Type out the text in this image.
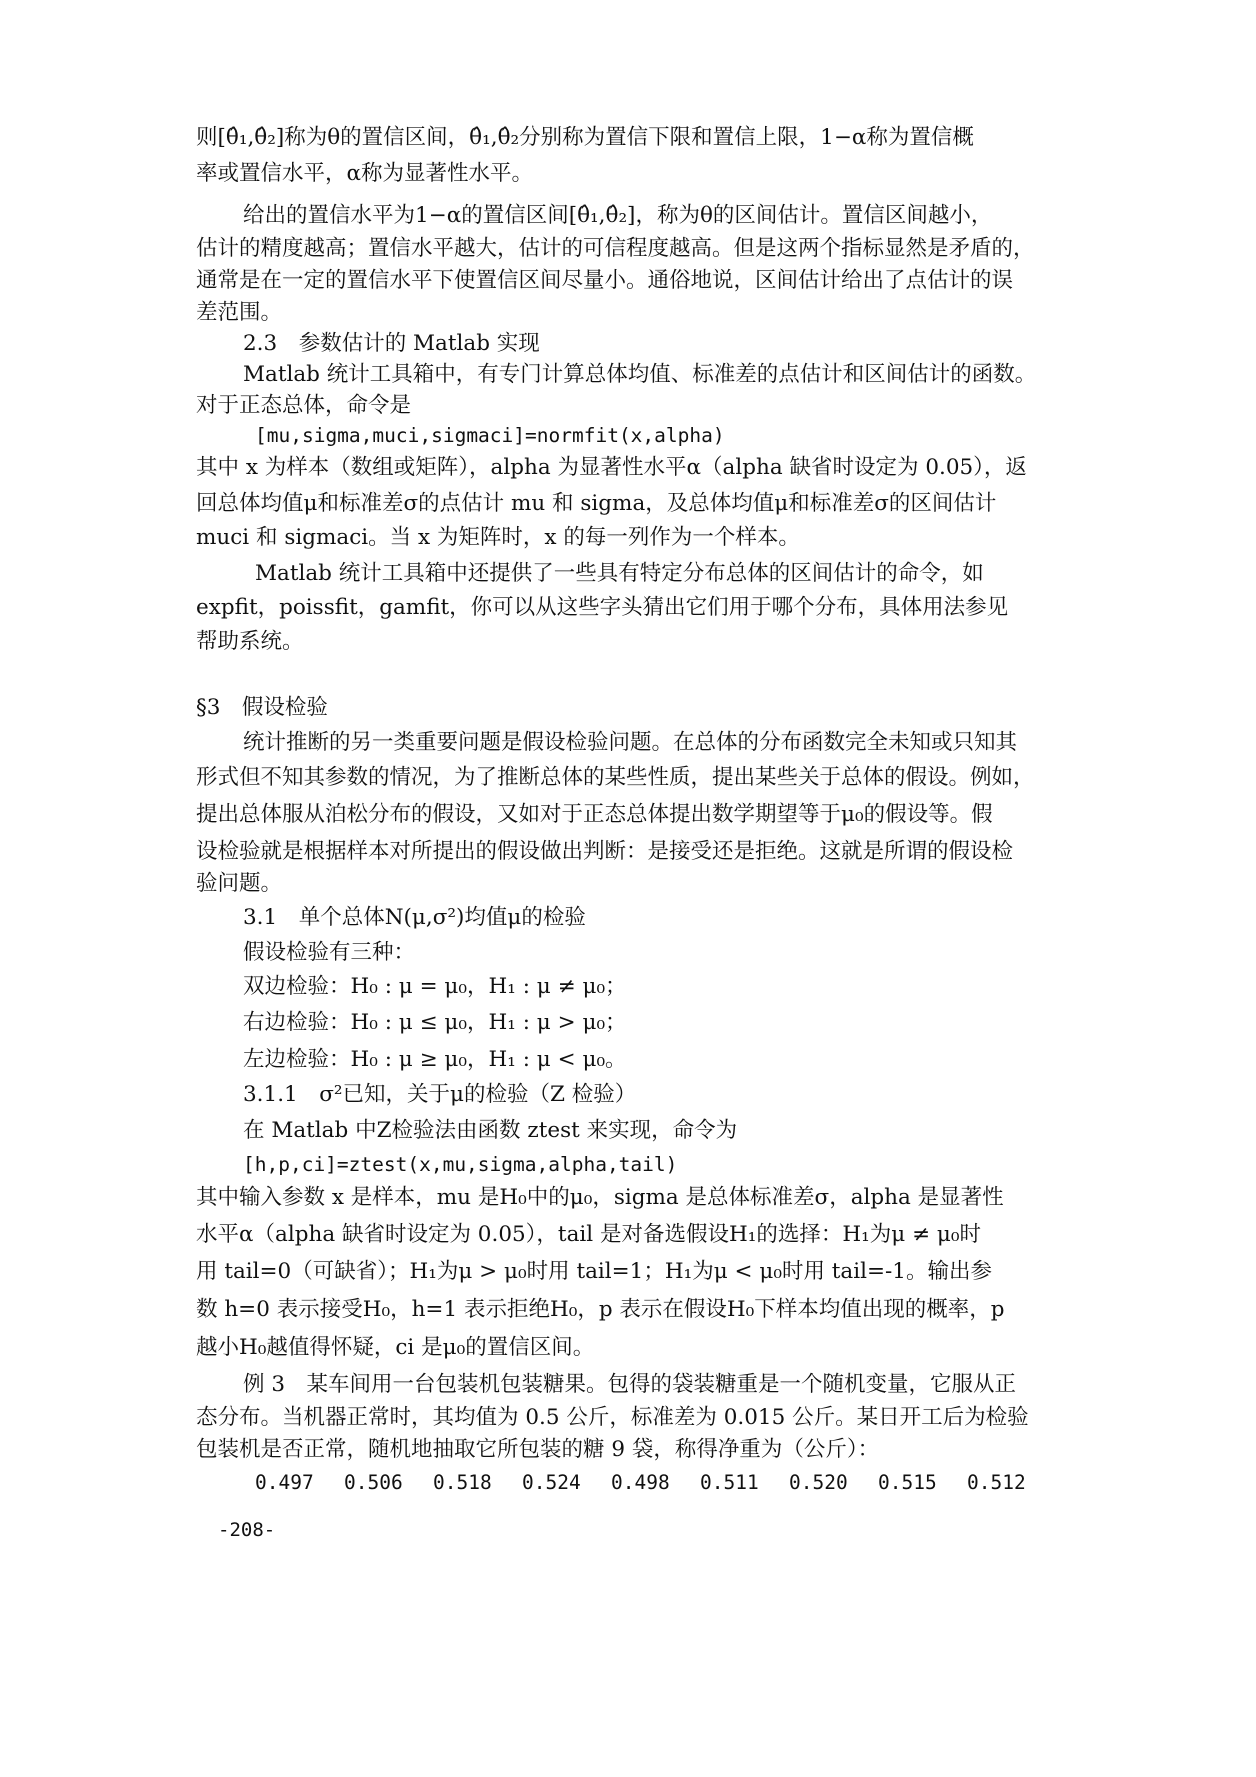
则[θ̂₁,θ̂₂]称为θ的置信区间，θ̂₁,θ̂₂分别称为置信下限和置信上限，1−α称为置信概

率或置信水平，α称为显著性水平。

给出的置信水平为1−α的置信区间[θ̂₁,θ̂₂]，称为θ的区间估计。置信区间越小，

估计的精度越高；置信水平越大，估计的可信程度越高。但是这两个指标显然是矛盾的，

通常是在一定的置信水平下使置信区间尽量小。通俗地说，区间估计给出了点估计的误

差范围。

2.3　参数估计的 Matlab 实现

Matlab 统计工具箱中，有专门计算总体均值、标准差的点估计和区间估计的函数。

对于正态总体，命令是

[mu,sigma,muci,sigmaci]=normfit(x,alpha)

其中 x 为样本（数组或矩阵），alpha 为显著性水平α（alpha 缺省时设定为 0.05），返

回总体均值μ和标准差σ的点估计 mu 和 sigma，及总体均值μ和标准差σ的区间估计

muci 和 sigmaci。当 x 为矩阵时，x 的每一列作为一个样本。

Matlab 统计工具箱中还提供了一些具有特定分布总体的区间估计的命令，如

expfit，poissfit，gamfit，你可以从这些字头猜出它们用于哪个分布，具体用法参见

帮助系统。

§3　假设检验

统计推断的另一类重要问题是假设检验问题。在总体的分布函数完全未知或只知其

形式但不知其参数的情况，为了推断总体的某些性质，提出某些关于总体的假设。例如，

提出总体服从泊松分布的假设，又如对于正态总体提出数学期望等于μ₀的假设等。假

设检验就是根据样本对所提出的假设做出判断：是接受还是拒绝。这就是所谓的假设检

验问题。

3.1　单个总体N(μ,σ²)均值μ的检验

假设检验有三种：

双边检验：H₀ : μ = μ₀，H₁ : μ ≠ μ₀；

右边检验：H₀ : μ ≤ μ₀，H₁ : μ > μ₀；

左边检验：H₀ : μ ≥ μ₀，H₁ : μ < μ₀。

3.1.1　σ²已知，关于μ的检验（Z 检验）

在 Matlab 中Z检验法由函数 ztest 来实现，命令为

[h,p,ci]=ztest(x,mu,sigma,alpha,tail)

其中输入参数 x 是样本，mu 是H₀中的μ₀，sigma 是总体标准差σ，alpha 是显著性

水平α（alpha 缺省时设定为 0.05），tail 是对备选假设H₁的选择：H₁为μ ≠ μ₀时

用 tail=0（可缺省）；H₁为μ > μ₀时用 tail=1；H₁为μ < μ₀时用 tail=-1。输出参

数 h=0 表示接受H₀，h=1 表示拒绝H₀，p 表示在假设H₀下样本均值出现的概率，p

越小H₀越值得怀疑，ci 是μ₀的置信区间。

例 3　某车间用一台包装机包装糖果。包得的袋装糖重是一个随机变量，它服从正

态分布。当机器正常时，其均值为 0.5 公斤，标准差为 0.015 公斤。某日开工后为检验

包装机是否正常，随机地抽取它所包装的糖 9 袋，称得净重为（公斤）：

0.497	0.506	0.518	0.524	0.498	0.511	0.520	0.515	0.512
-208-
